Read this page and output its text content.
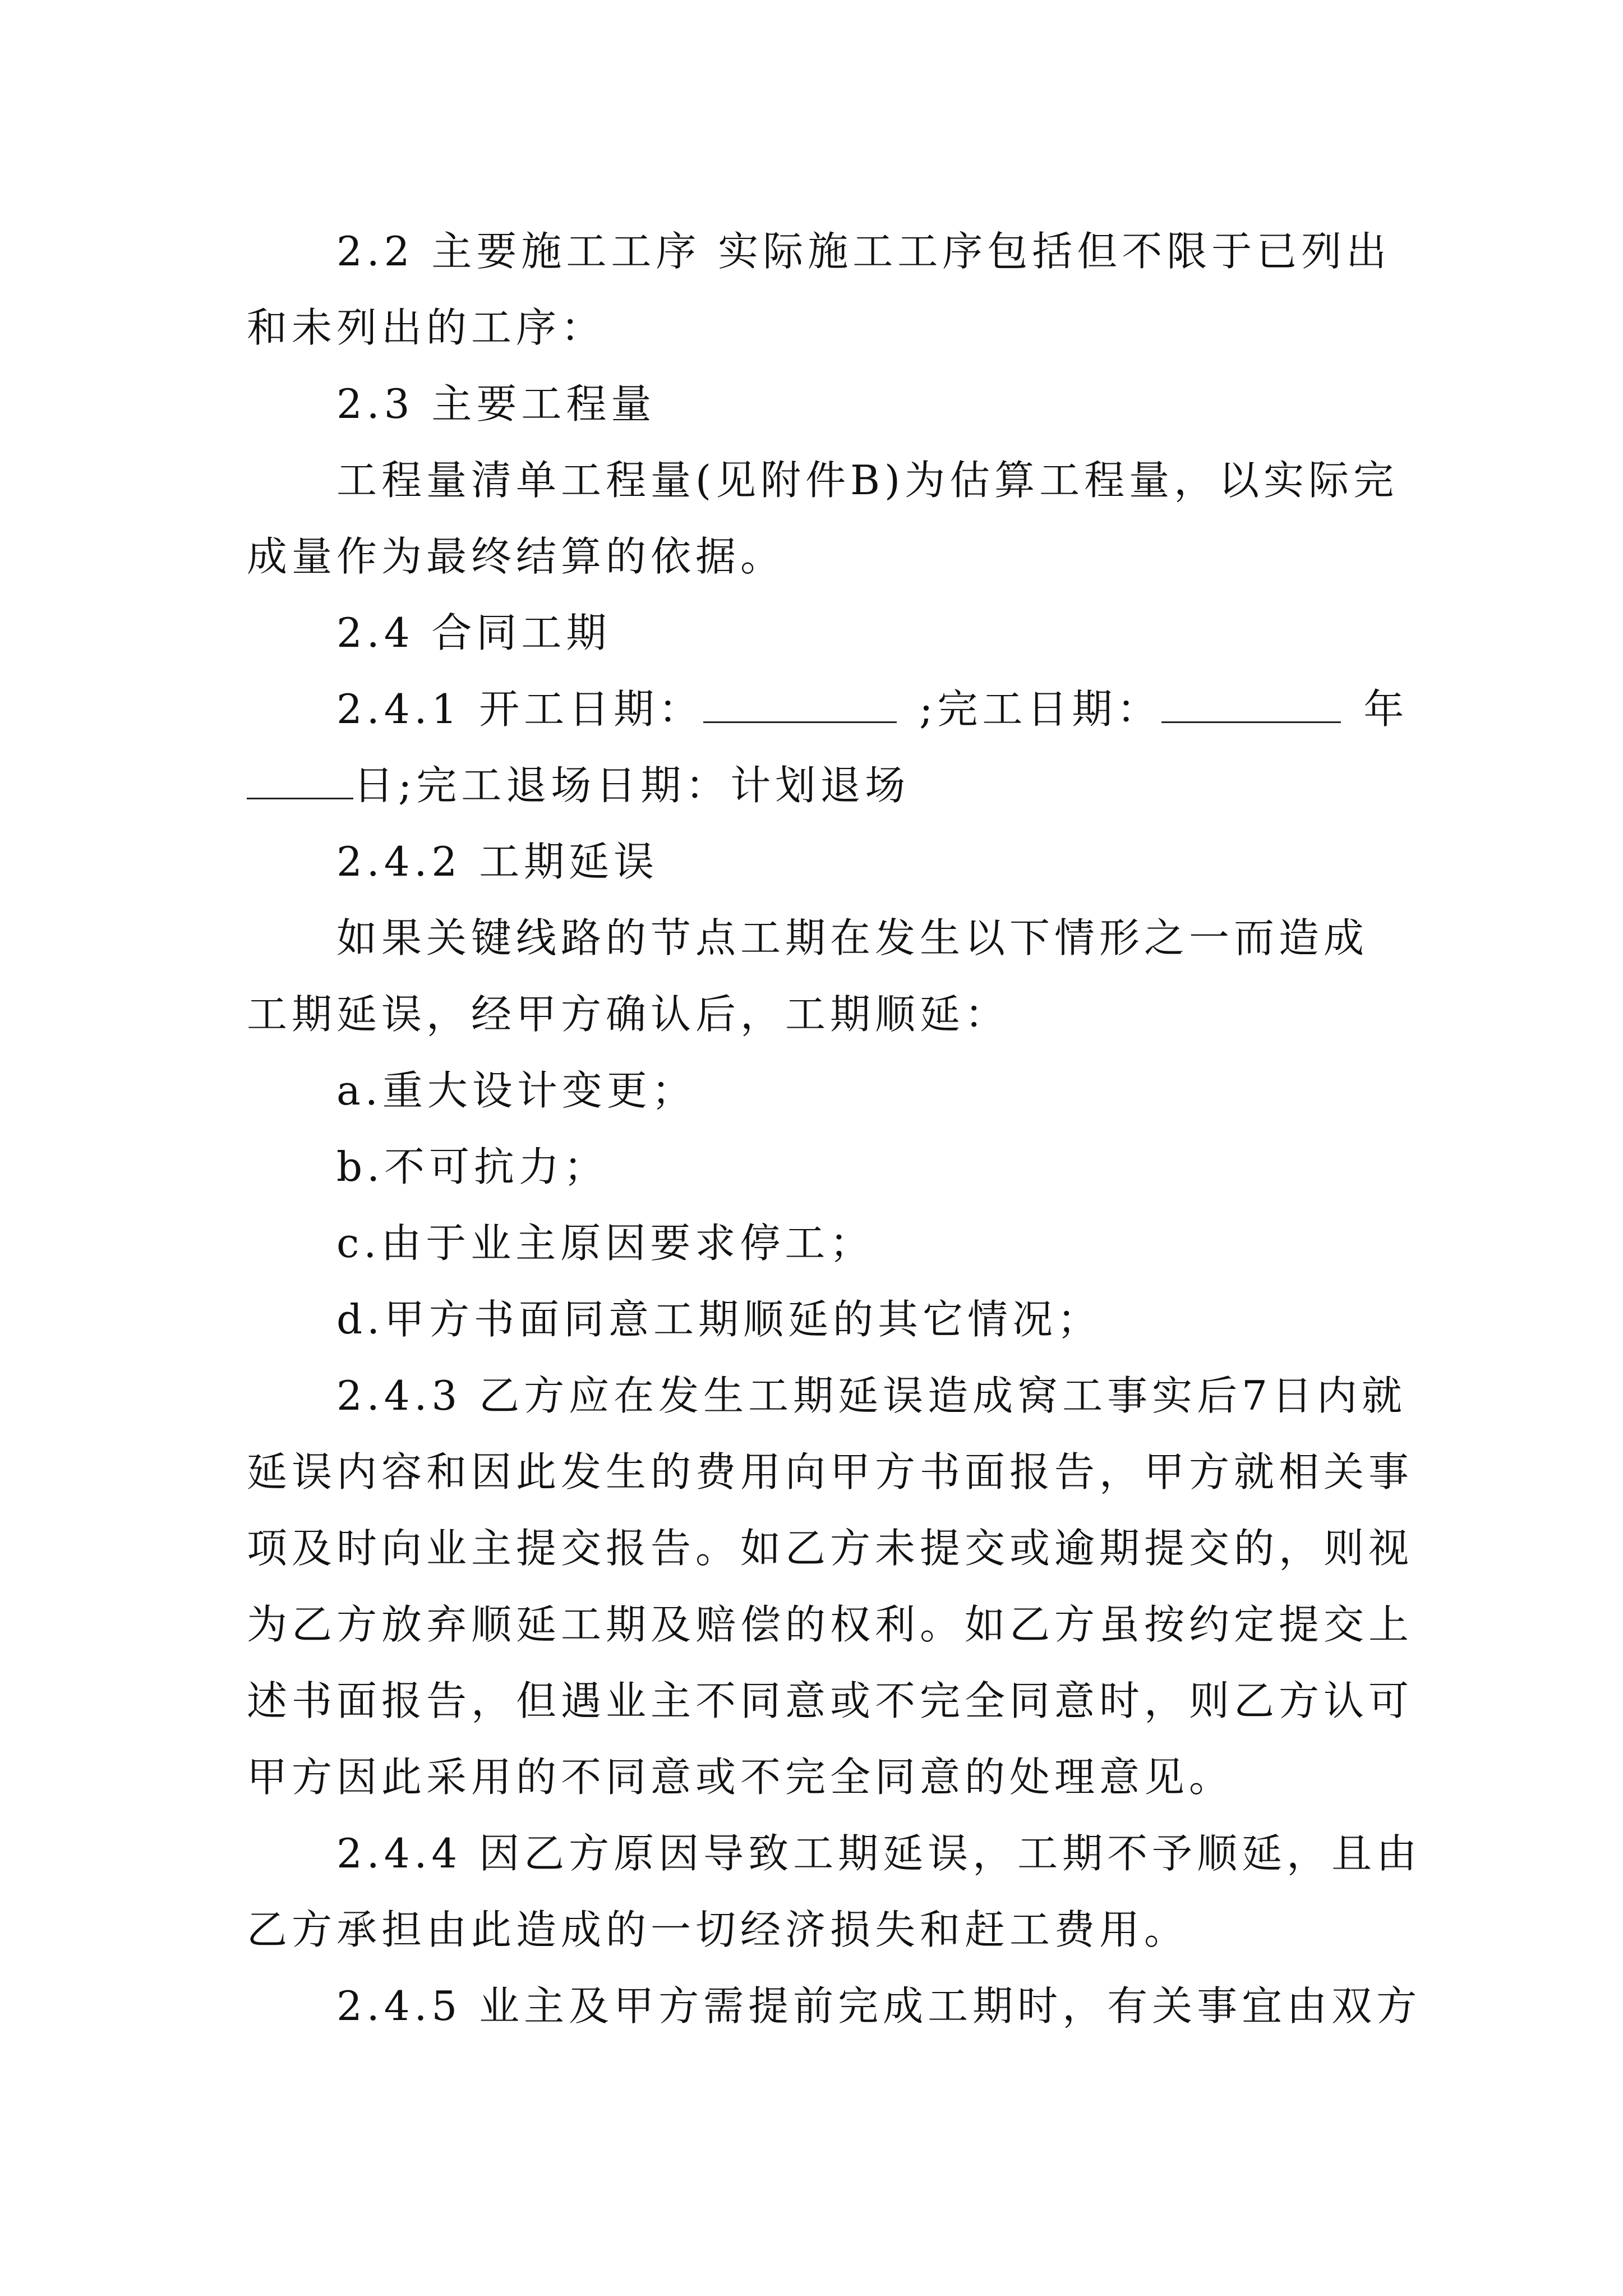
2.2 主要施工工序 实际施工工序包括但不限于已列出

和未列出的工序：

2.3 主要工程量

工程量清单工程量(见附件B)为估算工程量，以实际完

成量作为最终结算的依据。

2.4 合同工期

2.4.1 开工日期：	;完工日期：	年

日;完工退场日期：计划退场

2.4.2 工期延误

如果关键线路的节点工期在发生以下情形之一而造成

工期延误，经甲方确认后，工期顺延：

a.重大设计变更；

b.不可抗力；

c.由于业主原因要求停工；

d.甲方书面同意工期顺延的其它情况；

2.4.3 乙方应在发生工期延误造成窝工事实后7日内就

延误内容和因此发生的费用向甲方书面报告，甲方就相关事

项及时向业主提交报告。如乙方未提交或逾期提交的，则视

为乙方放弃顺延工期及赔偿的权利。如乙方虽按约定提交上

述书面报告，但遇业主不同意或不完全同意时，则乙方认可

甲方因此采用的不同意或不完全同意的处理意见。

2.4.4 因乙方原因导致工期延误，工期不予顺延，且由

乙方承担由此造成的一切经济损失和赶工费用。

2.4.5 业主及甲方需提前完成工期时，有关事宜由双方
